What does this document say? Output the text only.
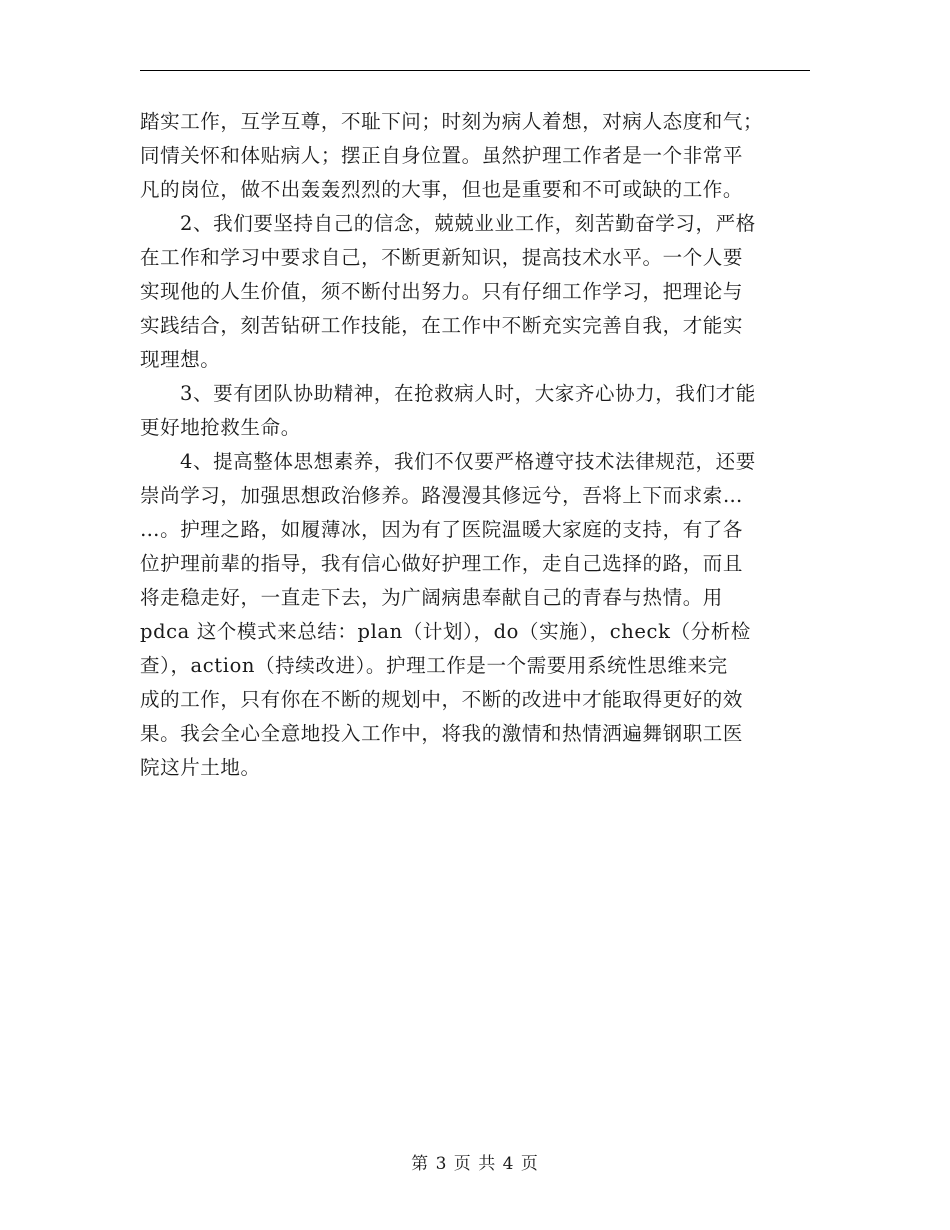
踏实工作，互学互尊，不耻下问；时刻为病人着想，对病人态度和气；
同情关怀和体贴病人；摆正自身位置。虽然护理工作者是一个非常平
凡的岗位，做不出轰轰烈烈的大事，但也是重要和不可或缺的工作。
2、我们要坚持自己的信念，兢兢业业工作，刻苦勤奋学习，严格
在工作和学习中要求自己，不断更新知识，提高技术水平。一个人要
实现他的人生价值，须不断付出努力。只有仔细工作学习，把理论与
实践结合，刻苦钻研工作技能，在工作中不断充实完善自我，才能实
现理想。
3、要有团队协助精神，在抢救病人时，大家齐心协力，我们才能
更好地抢救生命。
4、提高整体思想素养，我们不仅要严格遵守技术法律规范，还要
崇尚学习，加强思想政治修养。路漫漫其修远兮，吾将上下而求索…
…。护理之路，如履薄冰，因为有了医院温暖大家庭的支持，有了各
位护理前辈的指导，我有信心做好护理工作，走自己选择的路，而且
将走稳走好，一直走下去，为广阔病患奉献自己的青春与热情。用
pdca 这个模式来总结：plan（计划），do（实施），check（分析检
查），action（持续改进）。护理工作是一个需要用系统性思维来完
成的工作，只有你在不断的规划中，不断的改进中才能取得更好的效
果。我会全心全意地投入工作中，将我的激情和热情洒遍舞钢职工医
院这片土地。
第 3 页 共 4 页
